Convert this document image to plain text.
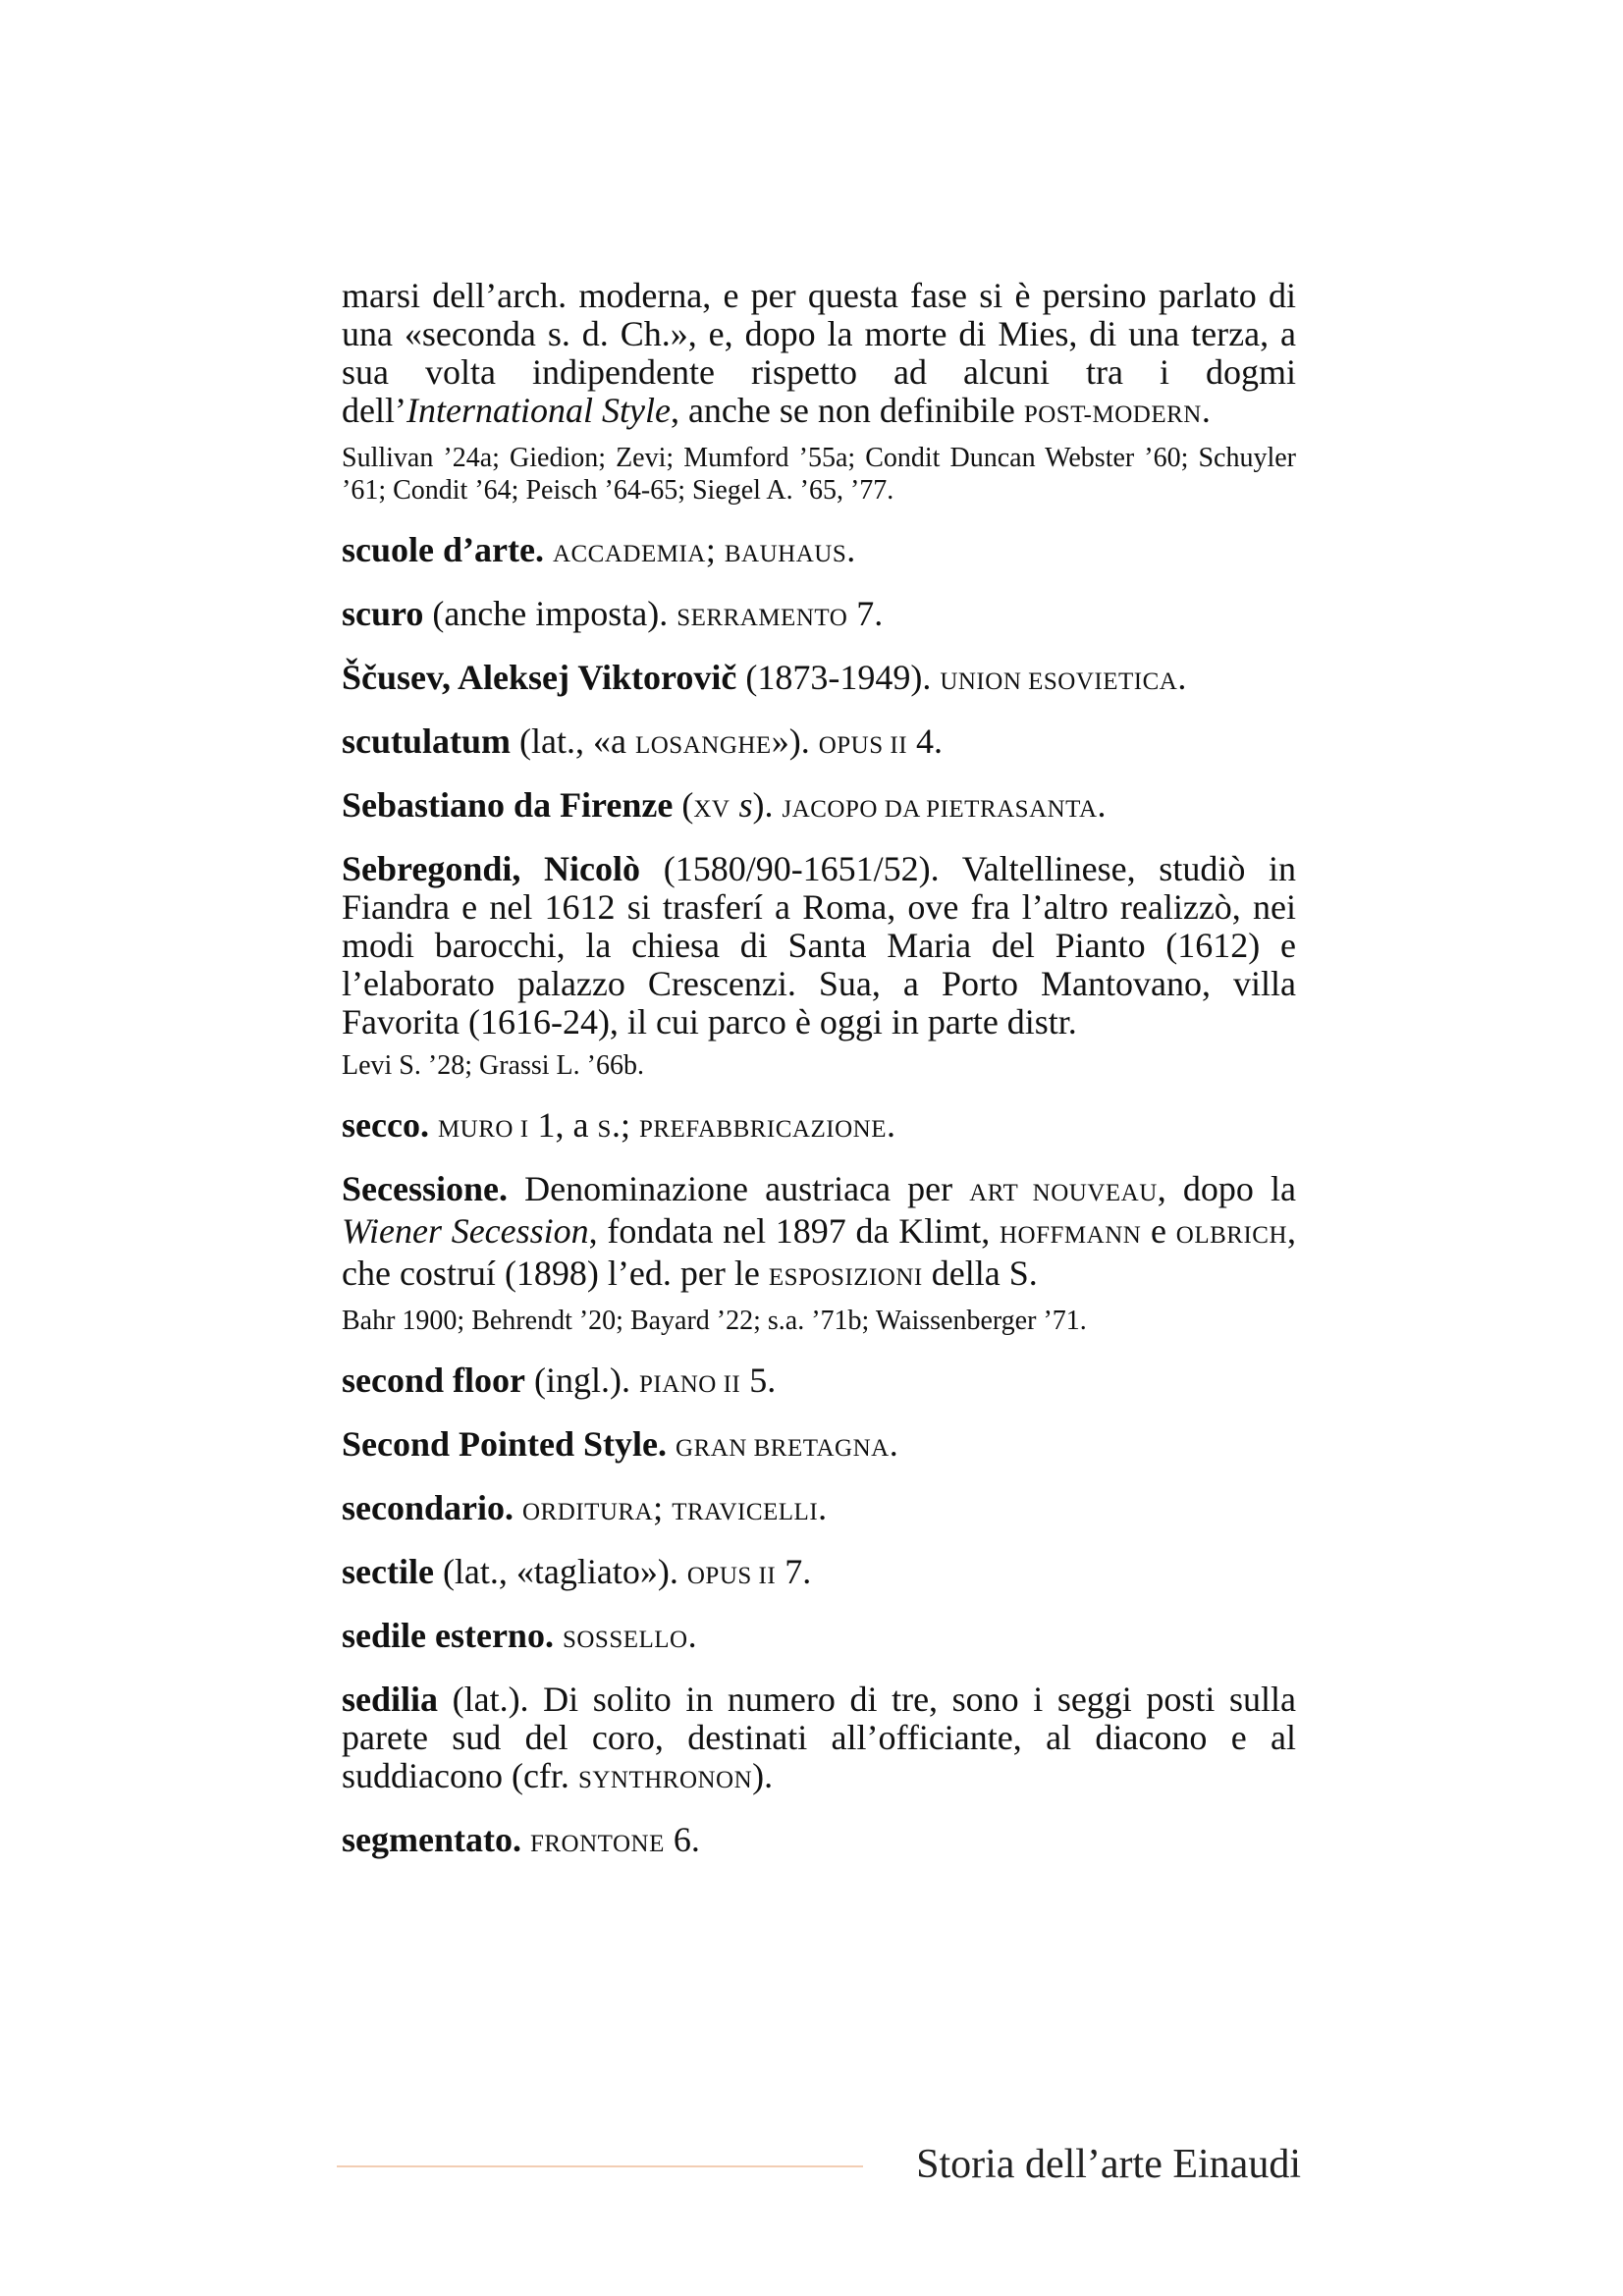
marsi dell’arch. moderna, e per questa fase si è persino parlato di una «seconda s. d. Ch.», e, dopo la morte di Mies, di una terza, a sua volta indipendente rispetto ad alcuni tra i dogmi dell’International Style, anche se non definibile POST-MODERN.

Sullivan ’24a; Giedion; Zevi; Mumford ’55a; Condit Duncan Webster ’60; Schuyler ’61; Condit ’64; Peisch ’64-65; Siegel A. ’65, ’77.

scuole d’arte. ACCADEMIA; BAUHAUS.

scuro (anche imposta). SERRAMENTO 7.

Ščusev, Aleksej Viktorovič (1873-1949). UNION ESOVIETICA.

scutulatum (lat., «a LOSANGHE»). OPUS II 4.

Sebastiano da Firenze (XV s). JACOPO DA PIETRASANTA.

Sebregondi, Nicolò (1580/90-1651/52). Valtellinese, studiò in Fiandra e nel 1612 si trasferí a Roma, ove fra l’altro realizzò, nei modi barocchi, la chiesa di Santa Maria del Pianto (1612) e l’elaborato palazzo Crescenzi. Sua, a Porto Mantovano, villa Favorita (1616-24), il cui parco è oggi in parte distr.

Levi S. ’28; Grassi L. ’66b.

secco. MURO I 1, a S.; PREFABBRICAZIONE.

Secessione. Denominazione austriaca per ART NOUVEAU, dopo la Wiener Secession, fondata nel 1897 da Klimt, HOFFMANN e OLBRICH, che costruí (1898) l’ed. per le ESPOSIZIONI della S.

Bahr 1900; Behrendt ’20; Bayard ’22; s.a. ’71b; Waissenberger ’71.

second floor (ingl.). PIANO II 5.

Second Pointed Style. GRAN BRETAGNA.

secondario. ORDITURA; TRAVICELLI.

sectile (lat., «tagliato»). OPUS II 7.

sedile esterno. SOSSELLO.

sedilia (lat.). Di solito in numero di tre, sono i seggi posti sulla parete sud del coro, destinati all’officiante, al diacono e al suddiacono (cfr. SYNTHRONON).

segmentato. FRONTONE 6.

Storia dell’arte Einaudi
